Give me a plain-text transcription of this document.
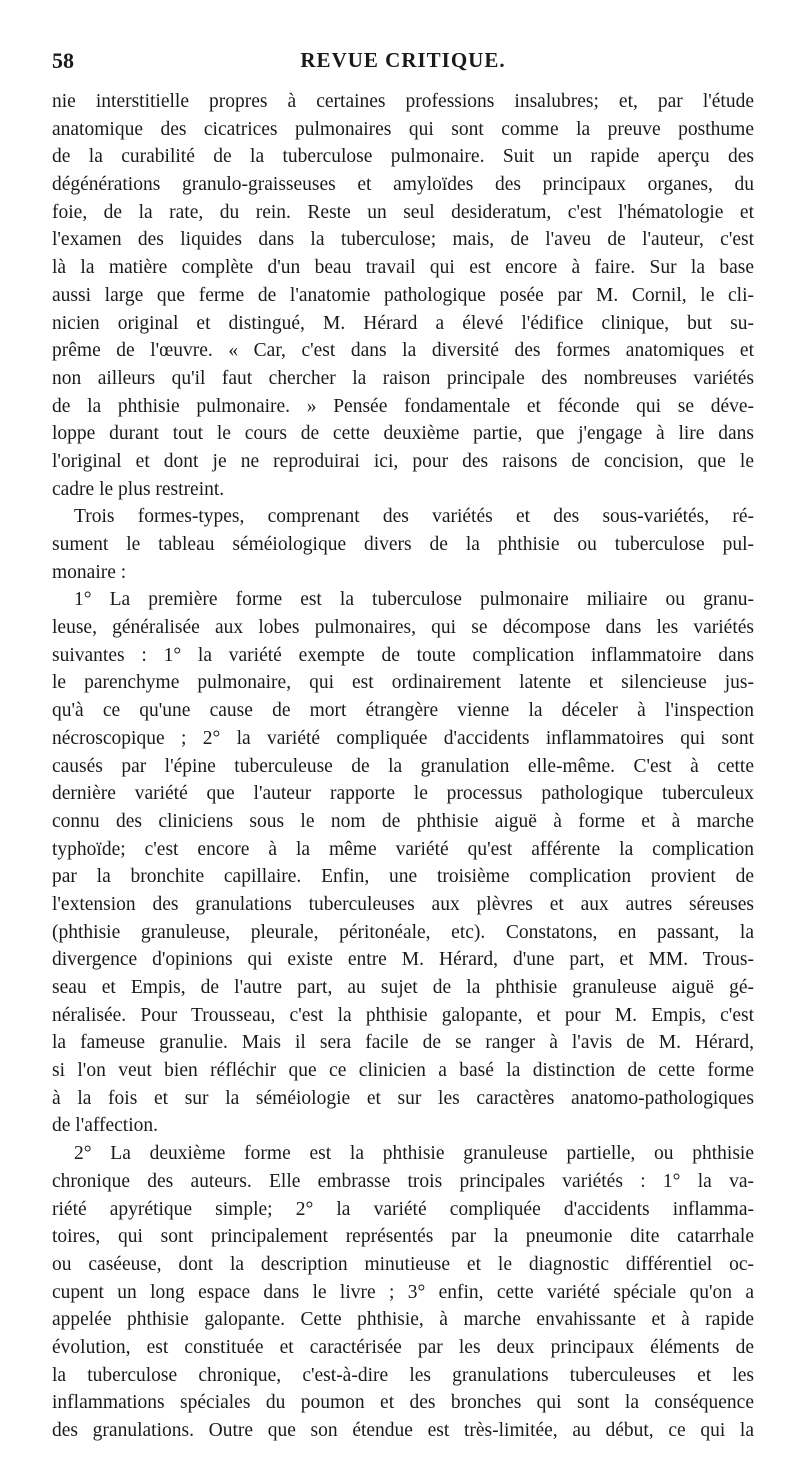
58	REVUE CRITIQUE.
nie interstitielle propres à certaines professions insalubres; et, par l'étude
anatomique des cicatrices pulmonaires qui sont comme la preuve posthume
de la curabilité de la tuberculose pulmonaire. Suit un rapide aperçu des
dégénérations granulo-graisseuses et amyloïdes des principaux organes, du
foie, de la rate, du rein. Reste un seul desideratum, c'est l'hématologie et
l'examen des liquides dans la tuberculose; mais, de l'aveu de l'auteur, c'est
là la matière complète d'un beau travail qui est encore à faire. Sur la base
aussi large que ferme de l'anatomie pathologique posée par M. Cornil, le cli-
nicien original et distingué, M. Hérard a élevé l'édifice clinique, but su-
prême de l'œuvre. « Car, c'est dans la diversité des formes anatomiques et
non ailleurs qu'il faut chercher la raison principale des nombreuses variétés
de la phthisie pulmonaire. » Pensée fondamentale et féconde qui se déve-
loppe durant tout le cours de cette deuxième partie, que j'engage à lire dans
l'original et dont je ne reproduirai ici, pour des raisons de concision, que le
cadre le plus restreint.
Trois formes-types, comprenant des variétés et des sous-variétés, ré-
sument le tableau séméiologique divers de la phthisie ou tuberculose pul-
monaire :
1° La première forme est la tuberculose pulmonaire miliaire ou granu-
leuse, généralisée aux lobes pulmonaires, qui se décompose dans les variétés
suivantes : 1° la variété exempte de toute complication inflammatoire dans
le parenchyme pulmonaire, qui est ordinairement latente et silencieuse jus-
qu'à ce qu'une cause de mort étrangère vienne la déceler à l'inspection
nécroscopique ; 2° la variété compliquée d'accidents inflammatoires qui sont
causés par l'épine tuberculeuse de la granulation elle-même. C'est à cette
dernière variété que l'auteur rapporte le processus pathologique tuberculeux
connu des cliniciens sous le nom de phthisie aiguë à forme et à marche
typhoïde; c'est encore à la même variété qu'est afférente la complication
par la bronchite capillaire. Enfin, une troisième complication provient de
l'extension des granulations tuberculeuses aux plèvres et aux autres séreuses
(phthisie granuleuse, pleurale, péritonéale, etc). Constatons, en passant, la
divergence d'opinions qui existe entre M. Hérard, d'une part, et MM. Trous-
seau et Empis, de l'autre part, au sujet de la phthisie granuleuse aiguë gé-
néralisée. Pour Trousseau, c'est la phthisie galopante, et pour M. Empis, c'est
la fameuse granulie. Mais il sera facile de se ranger à l'avis de M. Hérard,
si l'on veut bien réfléchir que ce clinicien a basé la distinction de cette forme
à la fois et sur la séméiologie et sur les caractères anatomo-pathologiques
de l'affection.
2° La deuxième forme est la phthisie granuleuse partielle, ou phthisie
chronique des auteurs. Elle embrasse trois principales variétés : 1° la va-
riété apyrétique simple; 2° la variété compliquée d'accidents inflamma-
toires, qui sont principalement représentés par la pneumonie dite catarrhale
ou caséeuse, dont la description minutieuse et le diagnostic différentiel oc-
cupent un long espace dans le livre ; 3° enfin, cette variété spéciale qu'on a
appelée phthisie galopante. Cette phthisie, à marche envahissante et à rapide
évolution, est constituée et caractérisée par les deux principaux éléments de
la tuberculose chronique, c'est-à-dire les granulations tuberculeuses et les
inflammations spéciales du poumon et des bronches qui sont la conséquence
des granulations. Outre que son étendue est très-limitée, au début, ce qui la
